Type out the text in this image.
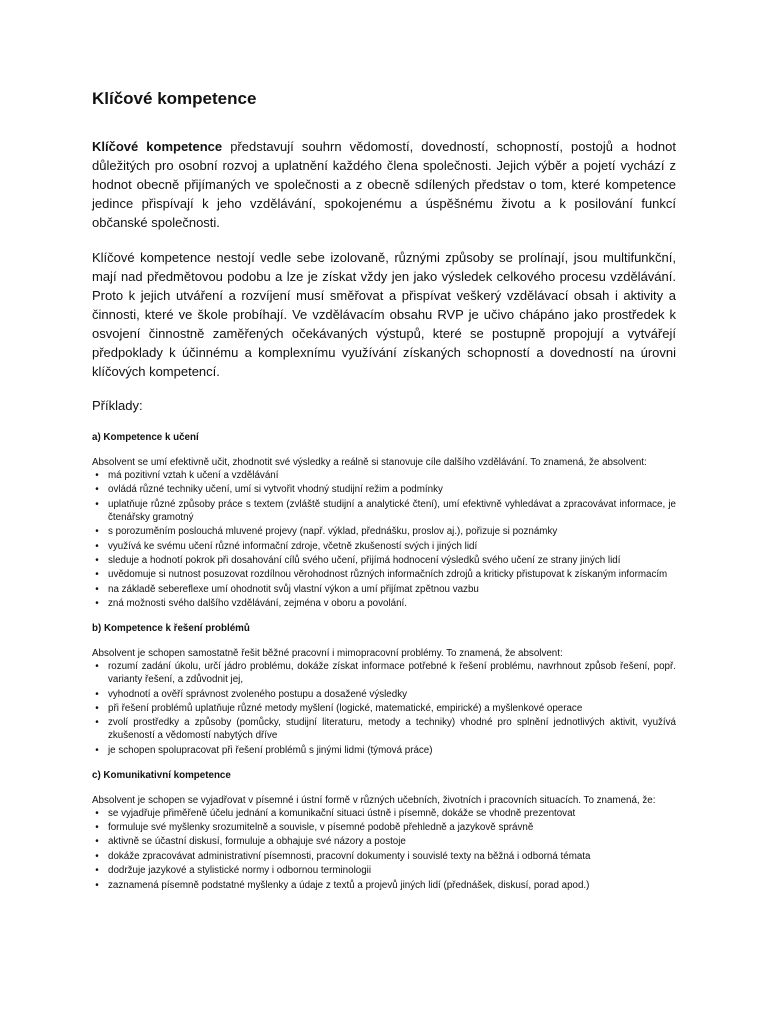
Klíčové kompetence

Klíčové kompetence představují souhrn vědomostí, dovedností, schopností, postojů a hodnot důležitých pro osobní rozvoj a uplatnění každého člena společnosti. Jejich výběr a pojetí vychází z hodnot obecně přijímaných ve společnosti a z obecně sdílených představ o tom, které kompetence jedince přispívají k jeho vzdělávání, spokojenému a úspěšnému životu a k posilování funkcí občanské společnosti.

Klíčové kompetence nestojí vedle sebe izolovaně, různými způsoby se prolínají, jsou multifunkční, mají nad předmětovou podobu a lze je získat vždy jen jako výsledek celkového procesu vzdělávání. Proto k jejich utváření a rozvíjení musí směřovat a přispívat veškerý vzdělávací obsah i aktivity a činnosti, které ve škole probíhají. Ve vzdělávacím obsahu RVP je učivo chápáno jako prostředek k osvojení činnostně zaměřených očekávaných výstupů, které se postupně propojují a vytvářejí předpoklady k účinnému a komplexnímu využívání získaných schopností a dovedností na úrovni klíčových kompetencí.

Příklady:
a) Kompetence k učení

Absolvent se umí efektivně učit, zhodnotit své výsledky a reálně si stanovuje cíle dalšího vzdělávání. To znamená, že absolvent:

• má pozitivní vztah k učení a vzdělávání
• ovládá různé techniky učení, umí si vytvořit vhodný studijní režim a podmínky
• uplatňuje různé způsoby práce s textem (zvláště studijní a analytické čtení), umí efektivně vyhledávat a zpracovávat informace, je čtenářsky gramotný
• s porozuměním poslouchá mluvené projevy (např. výklad, přednášku, proslov aj.), pořizuje si poznámky
• využívá ke svému učení různé informační zdroje, včetně zkušeností svých i jiných lidí
• sleduje a hodnotí pokrok při dosahování cílů svého učení, přijímá hodnocení výsledků svého učení ze strany jiných lidí
• uvědomuje si nutnost posuzovat rozdílnou věrohodnost různých informačních zdrojů a kriticky přistupovat k získaným informacím
• na základě sebereflexe umí ohodnotit svůj vlastní výkon a umí přijímat zpětnou vazbu
• zná možnosti svého dalšího vzdělávání, zejména v oboru a povolání.
b) Kompetence k řešení problémů

Absolvent je schopen samostatně řešit běžné pracovní i mimopracovní problémy. To znamená, že absolvent:

• rozumí zadání úkolu, určí jádro problému, dokáže získat informace potřebné k řešení problému, navrhnout způsob řešení, popř. varianty řešení, a zdůvodnit jej,
• vyhodnotí a ověří správnost zvoleného postupu a dosažené výsledky
• při řešení problémů uplatňuje různé metody myšlení (logické, matematické, empirické) a myšlenkové operace
• zvolí prostředky a způsoby (pomůcky, studijní literaturu, metody a techniky) vhodné pro splnění jednotlivých aktivit, využívá zkušeností a vědomostí nabytých dříve
• je schopen spolupracovat při řešení problémů s jinými lidmi (týmová práce)
c) Komunikativní kompetence

Absolvent je schopen se vyjadřovat v písemné i ústní formě v různých učebních, životních i pracovních situacích. To znamená, že:

• se vyjadřuje přiměřeně účelu jednání a komunikační situaci ústně i písemně, dokáže se vhodně prezentovat
• formuluje své myšlenky srozumitelně a souvisle, v písemné podobě přehledně a jazykově správně
• aktivně se účastní diskusí, formuluje a obhajuje své názory a postoje
• dokáže zpracovávat administrativní písemnosti, pracovní dokumenty i souvislé texty na běžná i odborná témata
• dodržuje jazykové a stylistické normy i odbornou terminologii
• zaznamená písemně podstatné myšlenky a údaje z textů a projevů jiných lidí (přednášek, diskusí, porad apod.)
